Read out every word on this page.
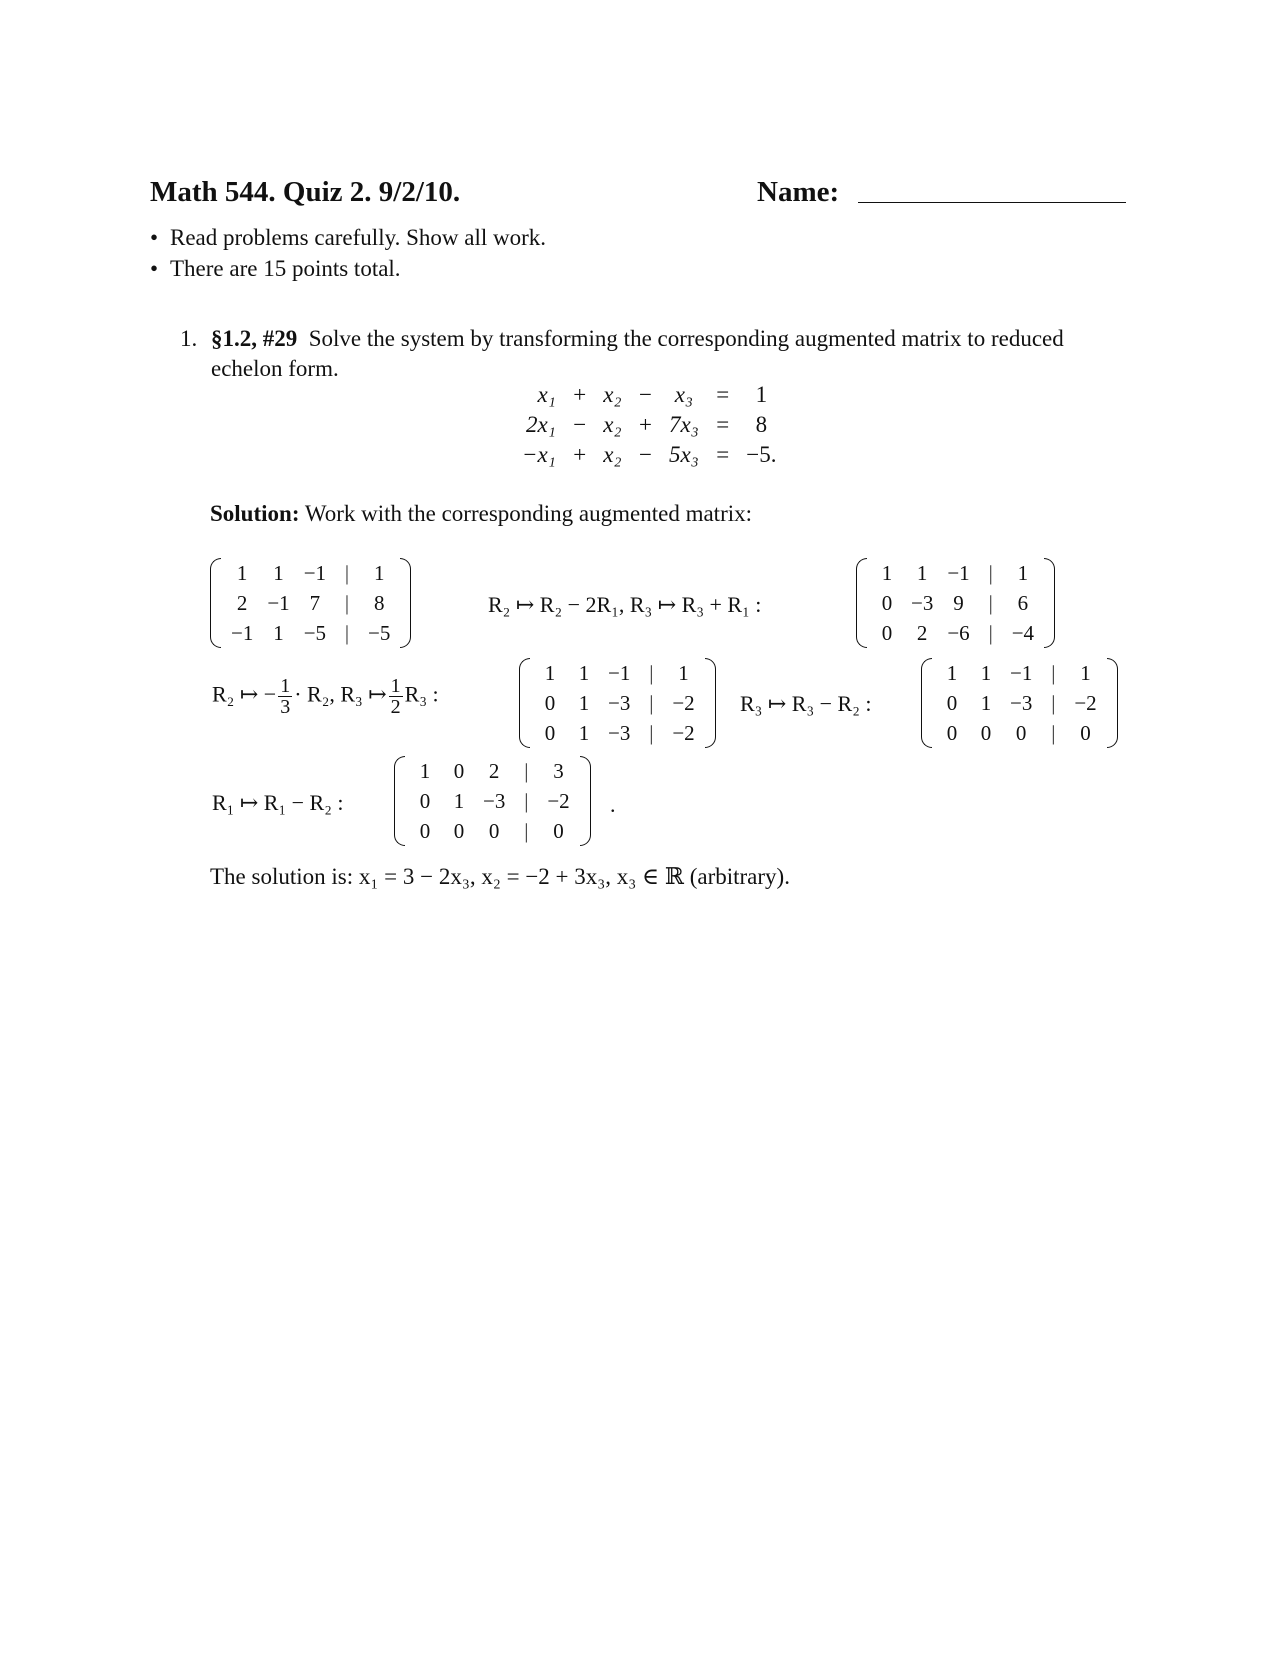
Math 544. Quiz 2. 9/2/10.	Name:
• Read problems carefully. Show all work.
• There are 15 points total.
1. §1.2, #29 Solve the system by transforming the corresponding augmented matrix to reduced echelon form.
x₁	+	x₂	−	x₃	=	1
2x₁	−	x₂	+	7x₃	=	8
−x₁	+	x₂	−	5x₃	=	−5.
Solution: Work with the corresponding augmented matrix:
1	1	−1	|	1
2	−1	7	|	8
−1	1	−5	|	−5
R₂ ↦ R₂ − 2R₁, R₃ ↦ R₃ + R₁ :
1	1	−1	|	1
0	−3	9	|	6
0	2	−6	|	−4
R₂ ↦ − $\frac{1}{3} \cdot R_2$, R₃ ↦ $\frac{1}{2} R_3$ :
1	1	−1	|	1
0	1	−3	|	−2
0	1	−3	|	−2
R₃ ↦ R₃ − R₂ :
1	1	−1	|	1
0	1	−3	|	−2
0	0	0	|	0
R₁ ↦ R₁ − R₂ :
1	0	2	|	3
0	1	−3	|	−2
0	0	0	|	0
.
The solution is: x₁ = 3 − 2x₃, x₂ = −2 + 3x₃, x₃ ∈ ℝ (arbitrary).
